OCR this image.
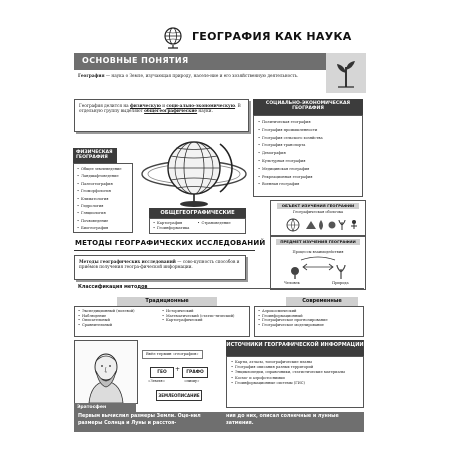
ГЕОГРАФИЯ КАК НАУКА
ОСНОВНЫЕ ПОНЯТИЯ
География — наука о Земле, изучающая природу, населе-ние и его хозяйственную деятельность.
География делится на физическую и соци-ально-экономическую. В отдельную группу выделяют общегеографические науки.
СОЦИАЛЬНО-ЭКОНОМИЧЕСКАЯ ГЕОГРАФИЯ
• Политическая география
• География промышленности
• География сельского хозяйства
• География транспорта
• Демография
• Культурная география
• Медицинская география
• Рекреационная география
• Военная география
ФИЗИЧЕСКАЯ ГЕОГРАФИЯ
• Общее землеведение
• Ландшафтоведение
• Палеогеография
• Геоморфология
• Климатология
• Гидрология
• Гляциология
• Почвоведение
• Биогеография
ОБЩЕГЕОГРАФИЧЕСКИЕ
• Картография
• Геоинформатика
• Страноведение
ОБЪЕКТ ИЗУЧЕНИЯ ГЕОГРАФИИ
Географическая оболочка
МЕТОДЫ ГЕОГРАФИЧЕСКИХ ИССЛЕДОВАНИЙ
Методы географических исследований — сово-купность способов и приёмов получения геогра-фической информации.
ПРЕДМЕТ ИЗУЧЕНИЯ ГЕОГРАФИИ
Процессы взаимодействия
Человек	Природа
Классификация методов
Традиционные
• Экспедиционный (полевой)
• Наблюдение
• Описательный
• Сравнительный
• Исторический
• Математический (статис-тический)
• Картографический
Современные
• Аэрокосмический
• Геоинформационный
• Географическое прогнозирование
• Географическое моделирование
Эратосфен
Ввёл термин «география»
ГЕО	+	ГРАФО
«Земля»	«пишу»
ЗЕМЛЕОПИСАНИЕ
ИСТОЧНИКИ ГЕОГРАФИЧЕСКОЙ ИНФОРМАЦИИ
• Карты, атласы, топографические планы
• География описания разных территорий
• Энциклопедии, справочники, статистические материалы
• Космо- и аэрофотоснимки
• Геоинформационные системы (ГИС)
Первым вычислил размеры Земли. Оце-нил размеры Солнца и Луны и расстоя-
ния до них, описал солнечные и лунные затмения.
